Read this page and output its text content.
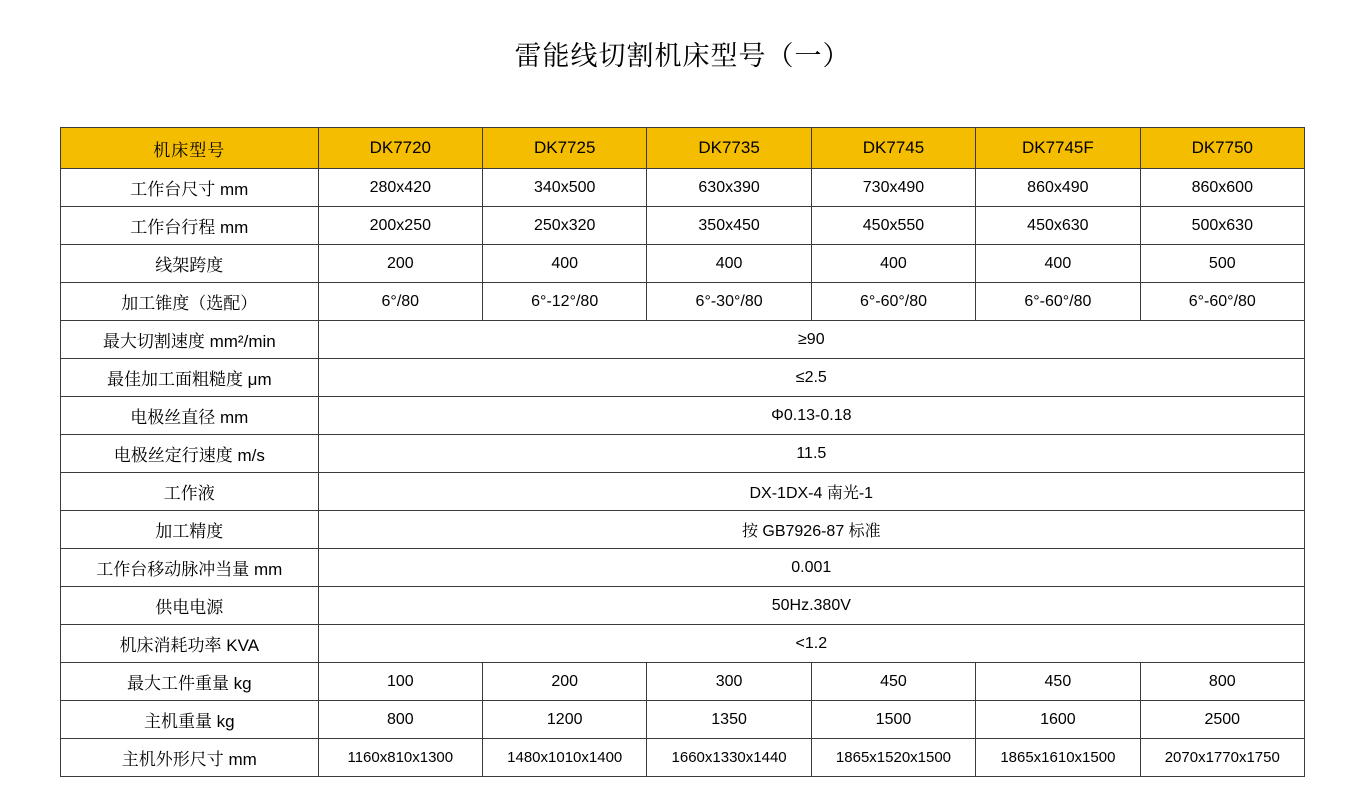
雷能线切割机床型号（一）
机床型号	DK7720	DK7725	DK7735	DK7745	DK7745F	DK7750
工作台尺寸 mm	280x420	340x500	630x390	730x490	860x490	860x600
工作台行程 mm	200x250	250x320	350x450	450x550	450x630	500x630
线架跨度	200	400	400	400	400	500
加工锥度（选配）	6°/80	6°-12°/80	6°-30°/80	6°-60°/80	6°-60°/80	6°-60°/80
最大切割速度 mm²/min	≥90					
最佳加工面粗糙度 μm	≤2.5					
电极丝直径 mm	Φ0.13-0.18					
电极丝定行速度 m/s	11.5					
工作液	DX-1DX-4 南光-1					
加工精度	按 GB7926-87 标准					
工作台移动脉冲当量 mm	0.001					
供电电源	50Hz.380V					
机床消耗功率 KVA	<1.2					
最大工件重量 kg	100	200	300	450	450	800
主机重量 kg	800	1200	1350	1500	1600	2500
主机外形尺寸 mm	1160x810x1300	1480x1010x1400	1660x1330x1440	1865x1520x1500	1865x1610x1500	2070x1770x1750
